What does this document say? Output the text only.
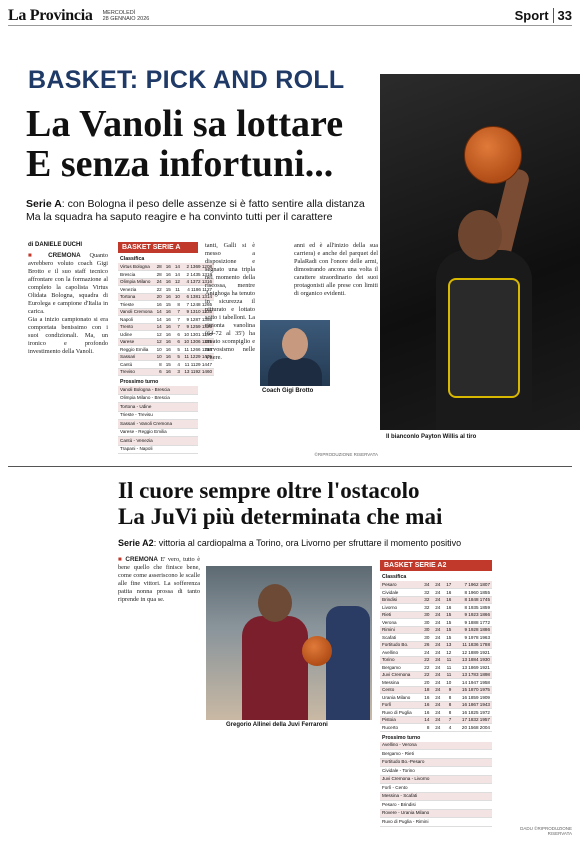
La Provincia MERCOLEDÌ
28 GENNAIO 2026	Sport 33
BASKET: PICK AND ROLL
La Vanoli sa lottare
E senza infortuni...
Serie A: con Bologna il peso delle assenze si è fatto sentire alla distanza
Ma la squadra ha saputo reagire e ha convinto tutti per il carattere
Il bianconlo Payton Willis al tiro
di DANIELE DUCHI

■ CREMONA Quanto avrebbero voluto coach Gigi Brotto e il suo staff tecnico affrontare con la formazione al completo la capolista Virtus Olidata Bologna, squadra di Eurolega e campione d'Italia in carica.

Gia a inizio campionato si era comportata benissimo con i suoi condizionali. Ma, un ironico e profondo investimento della Vanoli.

BASKET SERIE A
Classifica
Virtus Bologna	28	16	14	2 1369 1208
Brescia	28	16	14	2 1435 1318
Olimpia Milano	24	16	12	4 1372 1316
Venezia	22	15	11	4 1186 1127
Tortona	20	16	10	6 1381 1314
Trieste	16	15	8	7 1248 1265
Vanoli Cremona	14	16	7	9 1310 1335
Napoli	14	16	7	9 1287 1355
Trento	14	16	7	9 1259 1325
Udine	12	16	6	10 1301 1290
Varese	12	16	6	10 1306 1365
Reggio Emilia	10	16	5	11 1266 1316
Sassari	10	16	5	11 1229 1405
Cantù	8	15	4	11 1129 1447
Treviso	6	16	3	13 1192 1460
Prossimo turno
Vanoli Bologna - Brescia
Olimpia Milano - Brescia
Tortona - Udine
Trieste - Trevisu
Sassari - Vanoli Cremona
Varese - Reggio Emilia
Cantù - Venezia
Trapani - Napoli

tanti, Galli si è messo a disposizione e segnato una tripla nel momento della riscossa, mentre Anighoga ha tenuto in sicurezza il pitturato e lottato sotto i tabelloni. La rimonta vanolina (64-72 al 35') ha creato scompiglio e nervosismo nelle Vnere.

Coach Gigi Brotto

anni ed è all'inizio della sua carriera) e anche del parquet del PalaRadi con l'onore delle armi, dimostrando ancora una volta il carattere straordinario dei suoi protagonisti alle prese con limiti di organico evidenti.

©RIPRODUZIONE RISERVATA
Il cuore sempre oltre l'ostacolo
La JuVi più determinata che mai
Serie A2: vittoria al cardiopalma a Torino, ora Livorno per sfruttare il momento positivo

■ CREMONA E' vero, tutto è bene quello che finisce bene, come come asseriscono le scalle alle fine vittori. La sofferenza patita nonna prossa di tanto riprende in qua se.

Gregorio Allinei della Juvi Ferraroni
BASKET SERIE A2
Classifica
Pesaro	34	24	17	7 1962 1807
Cividale	32	24	16	8 1960 1855
Brindisi	32	24	16	8 1848 1745
Livorno	32	24	16	8 1935 1859
Rieti	30	24	15	9 1923 1866
Verona	30	24	15	9 1888 1772
Rimini	30	24	15	9 1928 1886
Scafati	30	24	15	9 1978 1963
Fortitudo Bo.	26	24	13	11 1836 1788
Avellino	24	24	12	12 1889 1921
Torino	22	24	11	13 1884 1930
Bergamo	22	24	11	13 1869 1921
Juvi Cremona	22	24	11	13 1783 1898
Messina	20	24	10	14 1947 1958
Cento	18	24	9	15 1870 1975
Urania Milano	16	24	8	16 1859 1909
Forlì	16	24	8	16 1867 1943
Ruvo di Puglia	16	24	8	16 1825 1972
Pistoia	14	24	7	17 1832 1957
Rucerto	8	24	4	20 1568 2004
Prossimo turno
Avellino - Verona
Bergamo - Rieti
Fortitudo Bo.-Pesaro
Cividale - Torino
Juvi Cremona - Livorno
Forlì - Cento
Messina - Scafati
Pesaro - Brindisi
Rovere - Urania Milano
Ruvo di Puglia - Rimini
DADU ©RIPRODUZIONE RISERVATA
